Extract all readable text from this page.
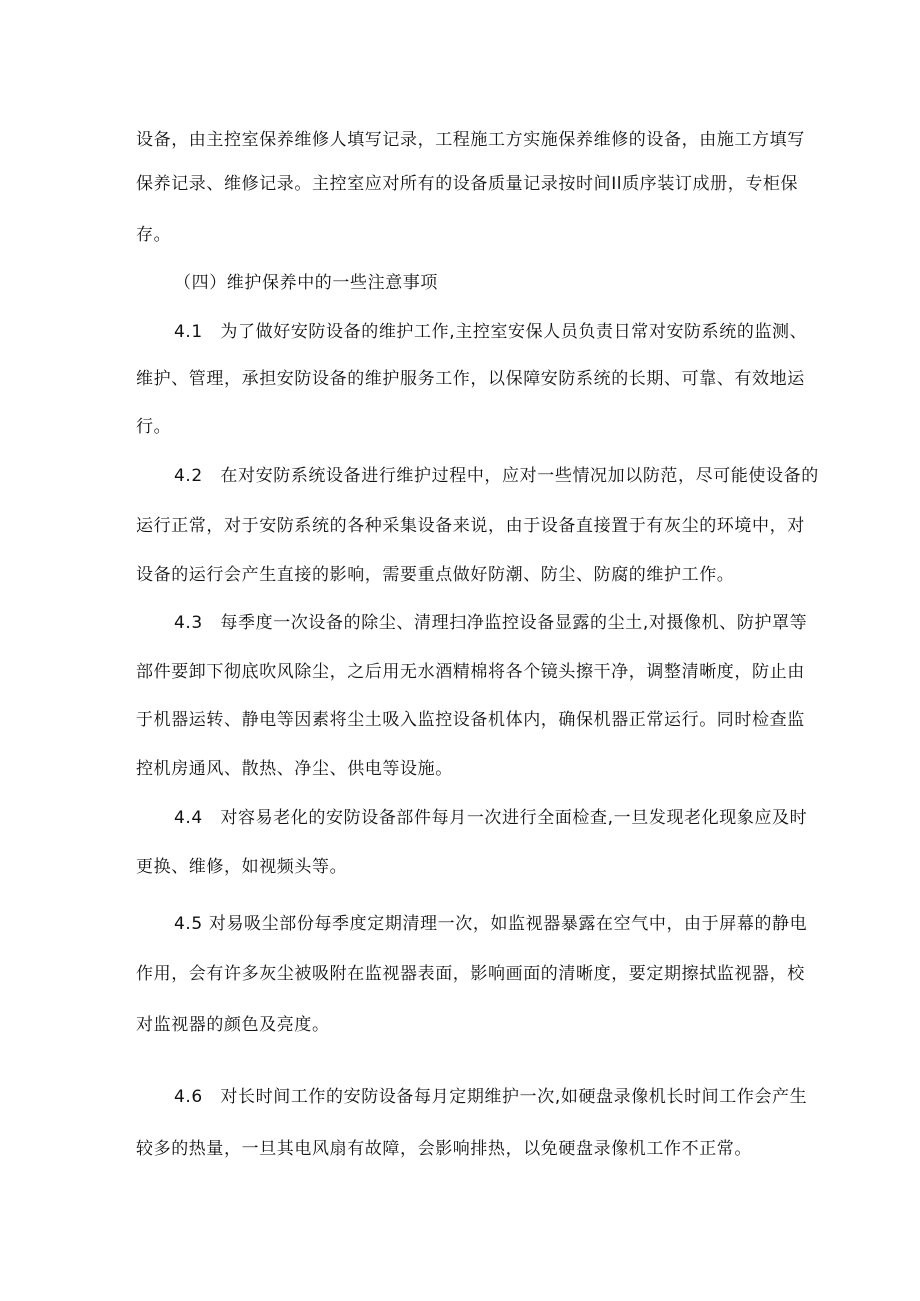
设备，由主控室保养维修人填写记录，工程施工方实施保养维修的设备，由施工方填写
保养记录、维修记录。主控室应对所有的设备质量记录按时间Il质序装订成册，专柜保
存。
（四）维护保养中的一些注意事项
4.1　为了做好安防设备的维护工作,主控室安保人员负责日常对安防系统的监测、
维护、管理，承担安防设备的维护服务工作，以保障安防系统的长期、可靠、有效地运
行。
4.2　在对安防系统设备进行维护过程中，应对一些情况加以防范，尽可能使设备的
运行正常，对于安防系统的各种采集设备来说，由于设备直接置于有灰尘的环境中，对
设备的运行会产生直接的影响，需要重点做好防潮、防尘、防腐的维护工作。
4.3　每季度一次设备的除尘、清理扫净监控设备显露的尘土,对摄像机、防护罩等
部件要卸下彻底吹风除尘，之后用无水酒精棉将各个镜头擦干净，调整清晰度，防止由
于机器运转、静电等因素将尘土吸入监控设备机体内，确保机器正常运行。同时检查监
控机房通风、散热、净尘、供电等设施。
4.4　对容易老化的安防设备部件每月一次进行全面检查,一旦发现老化现象应及时
更换、维修，如视频头等。
4.5 对易吸尘部份每季度定期清理一次，如监视器暴露在空气中，由于屏幕的静电
作用，会有许多灰尘被吸附在监视器表面，影响画面的清晰度，要定期擦拭监视器，校
对监视器的颜色及亮度。
4.6　对长时间工作的安防设备每月定期维护一次,如硬盘录像机长时间工作会产生
较多的热量，一旦其电风扇有故障，会影响排热，以免硬盘录像机工作不正常。
